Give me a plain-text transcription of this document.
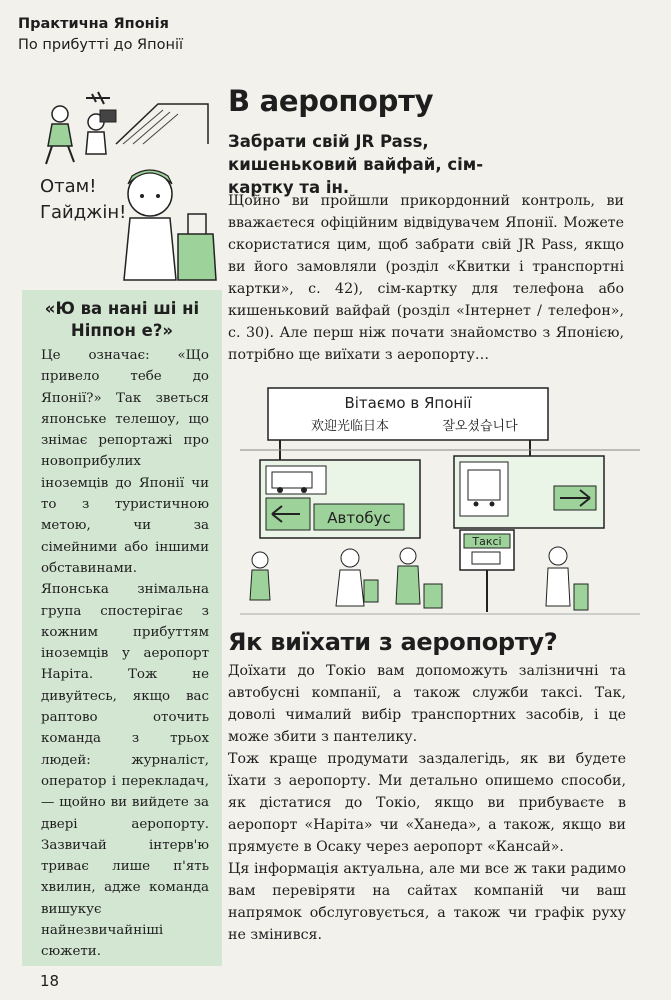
Практична Японія
По прибутті до Японії
Отам!
Гайджін!
В аеропорту
Забрати свій JR Pass, кишеньковий вайфай, сім-картку та ін.

Щойно ви пройшли прикордонний контроль, ви вважаєтеся офіційним відвідувачем Японії. Можете скористатися цим, щоб забрати свій JR Pass, якщо ви його замовляли (розділ «Квитки і транспортні картки», с. 42), сім-картку для телефона або кишеньковий вайфай (розділ «Інтернет / телефон», с. 30). Але перш ніж почати знайомство з Японією, потрібно ще виїхати з аеропорту…

«Ю ва нані ші ні Ніппон е?»

Це означає: «Що привело тебе до Японії?» Так зветься японське телешоу, що знімає репортажі про новоприбулих іноземців до Японії чи то з туристичною метою, чи за сімейними або іншими обставинами. Японська знімальна група спостерігає з кожним прибуттям іноземців у аеропорт Наріта. Тож не дивуйтесь, якщо вас раптово оточить команда з трьох людей: журналіст, оператор і перекладач, — щойно ви вийдете за двері аеропорту. Зазвичай інтерв'ю триває лише п'ять хвилин, адже команда вишукує найнезвичайніші сюжети.

Вітаємо в Японії
欢迎光临日本	잘오셨습니다
Автобус
Таксі
Як виїхати з аеропорту?

Доїхати до Токіо вам допоможуть залізничні та автобусні компанії, а також служби таксі. Так, доволі чималий вибір транспортних засобів, і це може збити з пантелику.

Тож краще продумати заздалегідь, як ви будете їхати з аеропорту. Ми детально опишемо способи, як дістатися до Токіо, якщо ви прибуваєте в аеропорт «Наріта» чи «Ханеда», а також, якщо ви прямуєте в Осаку через аеропорт «Кансай».

Ця інформація актуальна, але ми все ж таки радимо вам перевіряти на сайтах компаній чи ваш напрямок обслуговується, а також чи графік руху не змінився.

18
